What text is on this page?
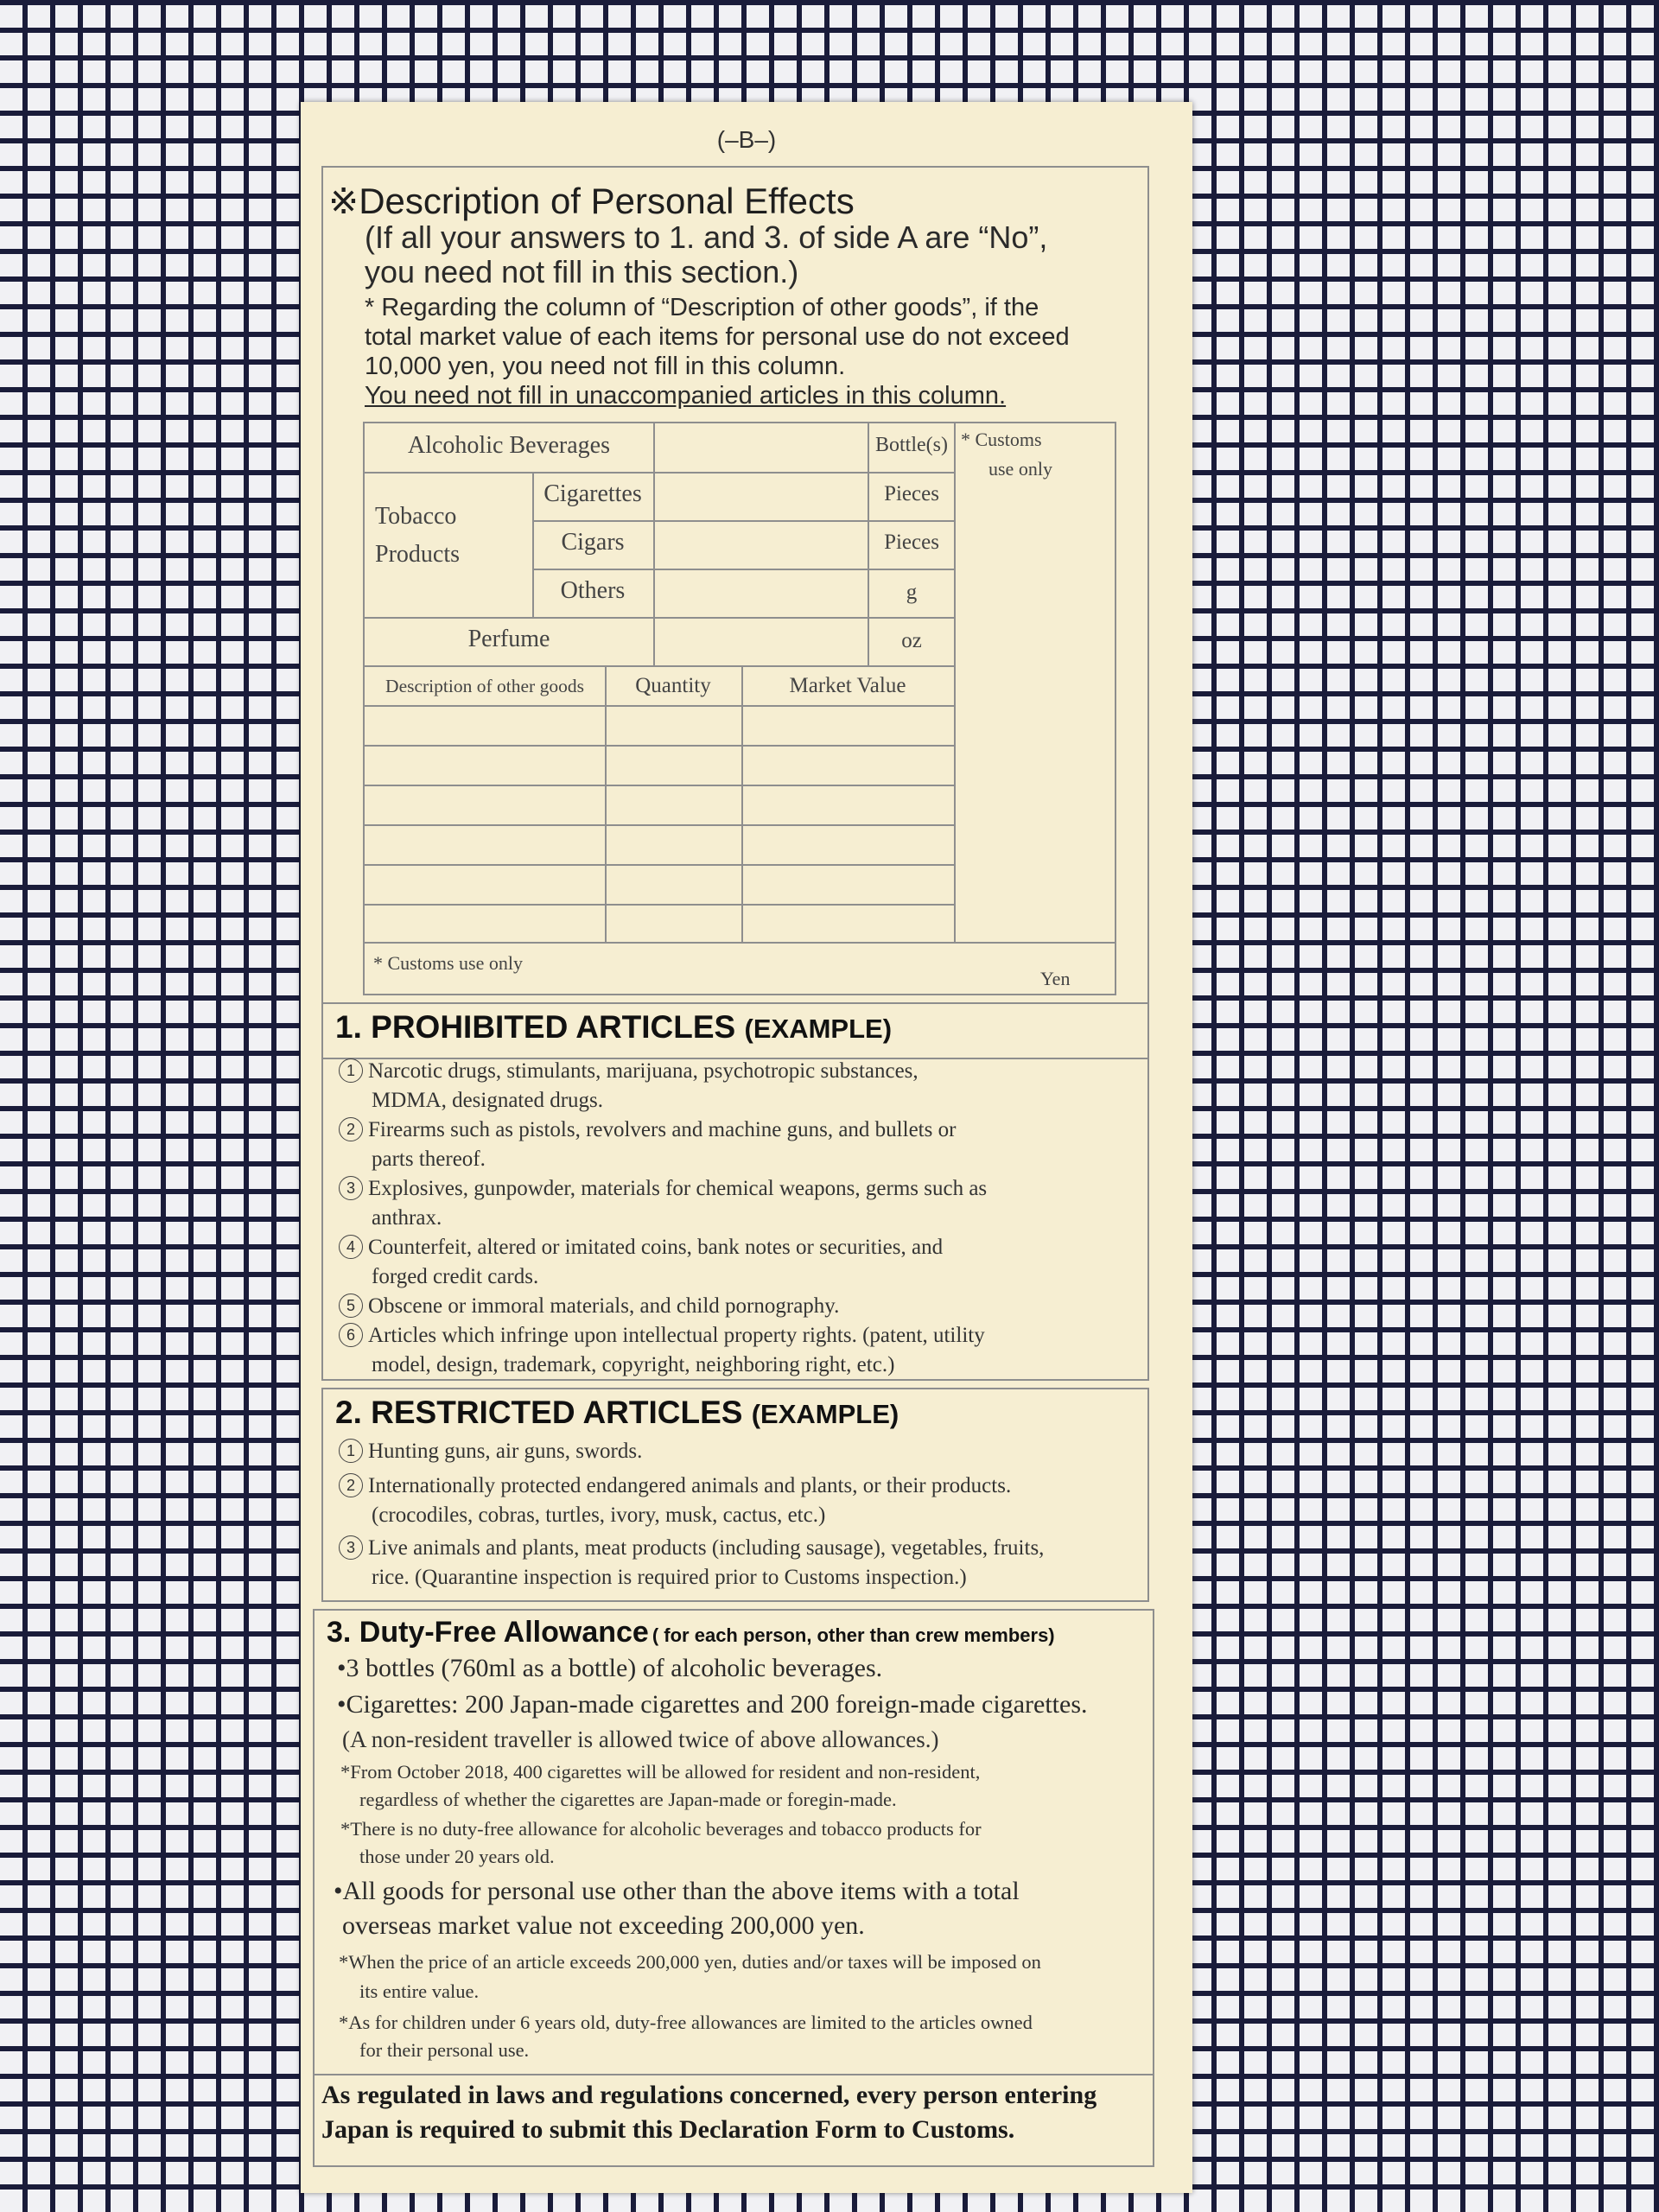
(–B–)
※Description of Personal Effects
(If all your answers to 1. and 3. of side A are “No”,
you need not fill in this section.)
* Regarding the column of “Description of other goods”, if the
total market value of each items for personal use do not exceed
10,000 yen, you need not fill in this column.
You need not fill in unaccompanied articles in this column.
Alcoholic Beverages	Bottle(s)
Tobacco
Products
Cigarettes	Pieces
Cigars	Pieces
Others	g
Perfume	oz
* Customs
use only
Description of other goods	Quantity	Market Value
* Customs use only
Yen
1. PROHIBITED ARTICLES (EXAMPLE)
1 Narcotic drugs, stimulants, marijuana, psychotropic substances,
MDMA, designated drugs.
2 Firearms such as pistols, revolvers and machine guns, and bullets or
parts thereof.
3 Explosives, gunpowder, materials for chemical weapons, germs such as
anthrax.
4 Counterfeit, altered or imitated coins, bank notes or securities, and
forged credit cards.
5 Obscene or immoral materials, and child pornography.
6 Articles which infringe upon intellectual property rights. (patent, utility
model, design, trademark, copyright, neighboring right, etc.)
2. RESTRICTED ARTICLES (EXAMPLE)
1 Hunting guns, air guns, swords.
2 Internationally protected endangered animals and plants, or their products.
(crocodiles, cobras, turtles, ivory, musk, cactus, etc.)
3 Live animals and plants, meat products (including sausage), vegetables, fruits,
rice. (Quarantine inspection is required prior to Customs inspection.)
3. Duty-Free Allowance ( for each person, other than crew members)
•3 bottles (760ml as a bottle) of alcoholic beverages.
•Cigarettes: 200 Japan-made cigarettes and 200 foreign-made cigarettes.
(A non-resident traveller is allowed twice of above allowances.)
*From October 2018, 400 cigarettes will be allowed for resident and non-resident,
regardless of whether the cigarettes are Japan-made or foregin-made.
*There is no duty-free allowance for alcoholic beverages and tobacco products for
those under 20 years old.
•All goods for personal use other than the above items with a total
overseas market value not exceeding 200,000 yen.
*When the price of an article exceeds 200,000 yen, duties and/or taxes will be imposed on
its entire value.
*As for children under 6 years old, duty-free allowances are limited to the articles owned
for their personal use.
As regulated in laws and regulations concerned, every person entering
Japan is required to submit this Declaration Form to Customs.
